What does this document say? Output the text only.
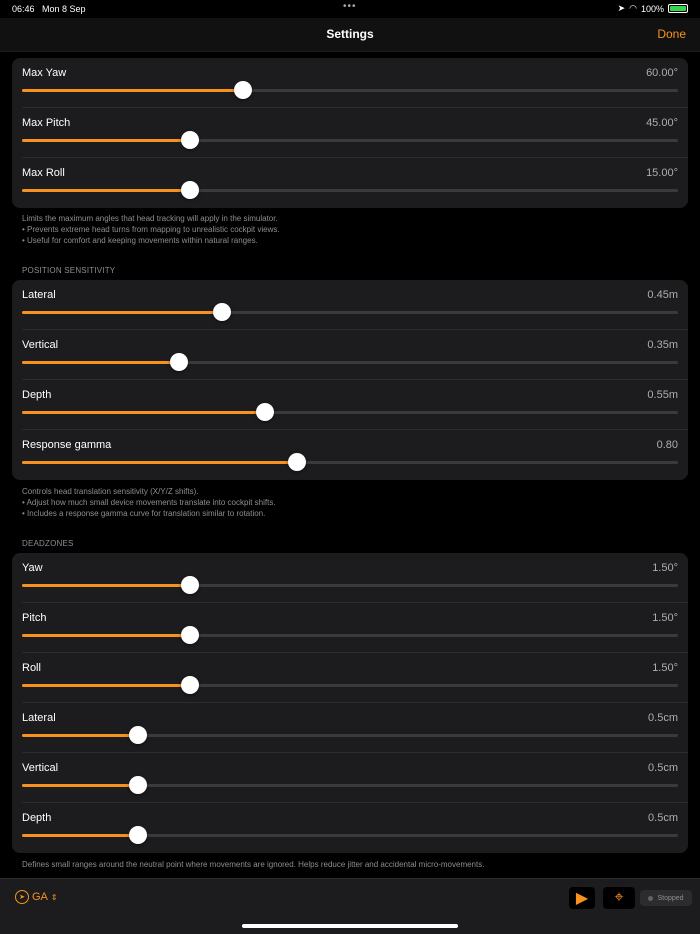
06:46 Mon 8 Sep	•••	➤ ◠ 100%
Settings	Done
Max Yaw	60.00°
Max Pitch	45.00°
Max Roll	15.00°
Limits the maximum angles that head tracking will apply in the simulator.
• Prevents extreme head turns from mapping to unrealistic cockpit views.
• Useful for comfort and keeping movements within natural ranges.
POSITION SENSITIVITY
Lateral	0.45m
Vertical	0.35m
Depth	0.55m
Response gamma	0.80
Controls head translation sensitivity (X/Y/Z shifts).
• Adjust how much small device movements translate into cockpit shifts.
• Includes a response gamma curve for translation similar to rotation.
DEADZONES
Yaw	1.50°
Pitch	1.50°
Roll	1.50°
Lateral	0.5cm
Vertical	0.5cm
Depth	0.5cm
Defines small ranges around the neutral point where movements are ignored. Helps reduce jitter and accidental micro-movements.
➤ GA ⇕	▶ ⌖	Stopped
